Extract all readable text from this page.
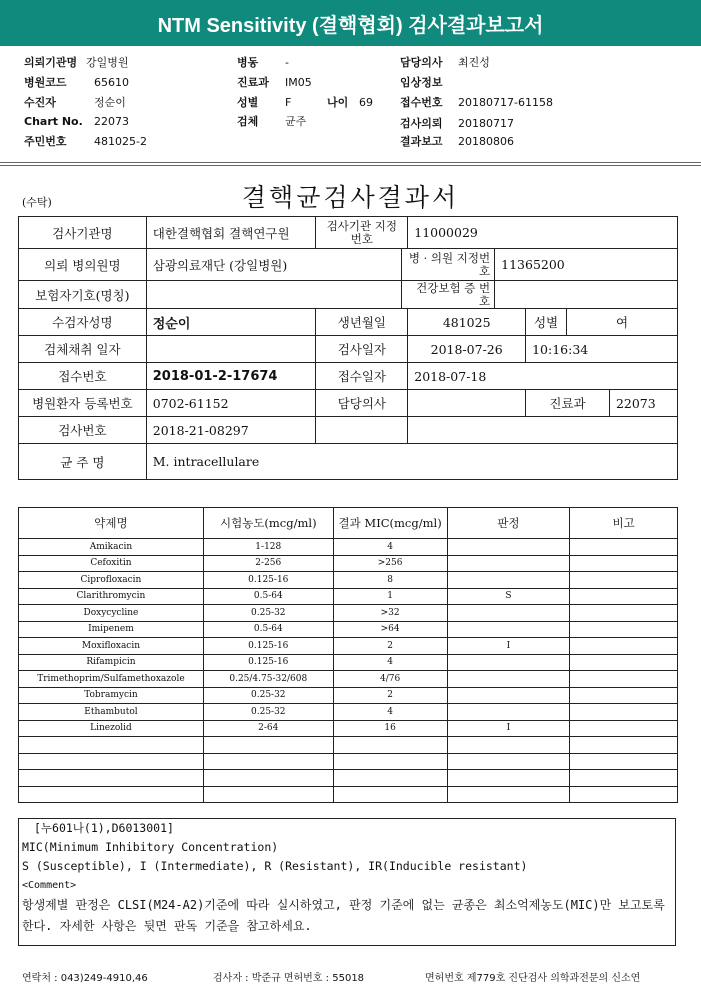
NTM Sensitivity (결핵협회) 검사결과보고서
의뢰기관명 강일병원
병원코드 65610
수진자	정순이
Chart No. 22073
주민번호 481025-2
병동 -
진료과 IM05
성별 F	나이 69
검체 균주
담당의사 최진성
임상정보
접수번호 20180717-61158
검사의뢰 20180717
결과보고 20180806
결핵균검사결과서
(수탁)
검사기관명	대한결핵협회 결핵연구원	검사기관 지정번호		11000029				
의뢰 병의원명	삼광의료재단 (강일병원)		병 · 의원 지정번호		11365200			
보험자기호(명칭)			건강보험 증 번 호					
수검자성명	정순이	생년월일		481025		성별	여	
검체채취 일자		검사일자		2018-07-26		10:16:34		
접수번호	2018-01-2-17674	접수일자		2018-07-18				
병원환자 등록번호	0702-61152	담당의사				진료과		22073
검사번호	2018-21-08297							
균 주 명	M. intracellulare							
약제명	시험농도(mcg/ml)	결과 MIC(mcg/ml)	판정	비고
Amikacin	1-128	4		
Cefoxitin	2-256	>256		
Ciprofloxacin	0.125-16	8		
Clarithromycin	0.5-64	1	S	
Doxycycline	0.25-32	>32		
Imipenem	0.5-64	>64		
Moxifloxacin	0.125-16	2	I	
Rifampicin	0.125-16	4		
Trimethoprim/Sulfamethoxazole	0.25/4.75-32/608	4/76		
Tobramycin	0.25-32	2		
Ethambutol	0.25-32	4		
Linezolid	2-64	16	I	

[누601나(1),D6013001]
MIC(Minimum Inhibitory Concentration)
S (Susceptible), I (Intermediate), R (Resistant), IR(Inducible resistant)
<Comment>
항생제별 판정은 CLSI(M24-A2)기준에 따라 실시하였고, 판정 기준에 없는 균종은 최소억제농도(MIC)만 보고토록 한다. 자세한 사항은 뒷면 판독 기준을 참고하세요.
연락처 : 043)249-4910,46	검사자 : 박준규 면허번호 : 55018	면허번호 제779호 진단검사 의학과전문의 신소연
